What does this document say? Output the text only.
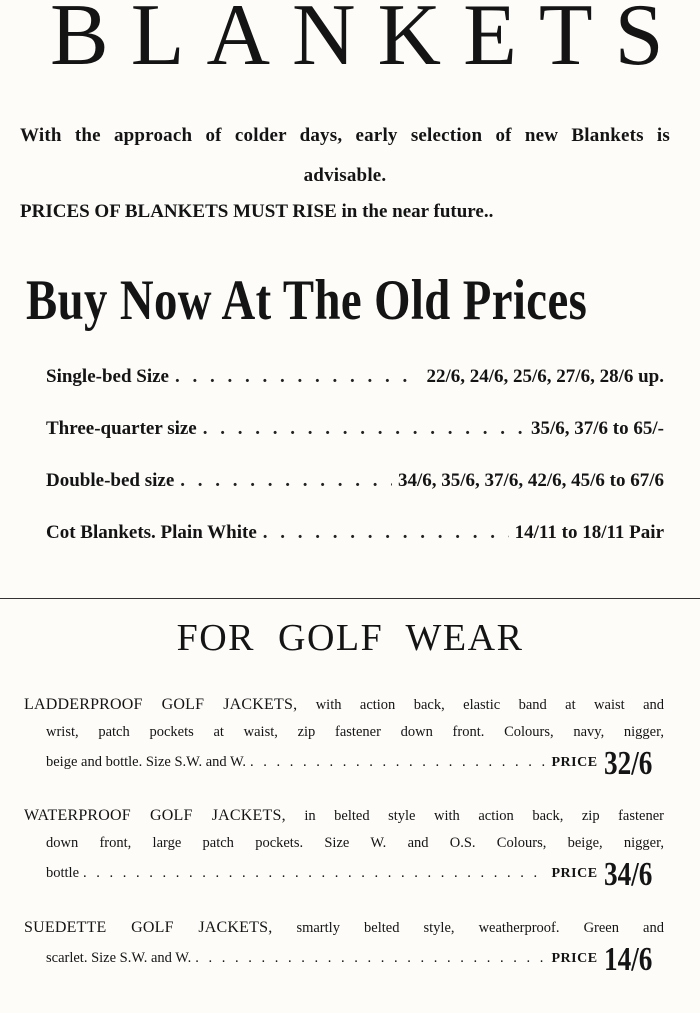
BLANKETS

With the approach of colder days, early selection of new Blankets is
advisable.

PRICES OF BLANKETS MUST RISE in the near future..

Buy Now At The Old Prices
Single-bed Size . . .	22/6, 24/6, 25/6, 27/6, 28/6 up.
Three-quarter size . . .	35/6, 37/6 to 65/-
Double-bed size . . .	34/6, 35/6, 37/6, 42/6, 45/6 to 67/6
Cot Blankets. Plain White . . .	14/11 to 18/11 Pair
FOR GOLF WEAR
LADDERPROOF GOLF JACKETS, with action back, elastic band at waist and
wrist, patch pockets at waist, zip fastener down front. Colours, navy, nigger,
beige and bottle. Size S.W. and W. . . .	PRICE 32/6
WATERPROOF GOLF JACKETS, in belted style with action back, zip fastener
down front, large patch pockets. Size W. and O.S. Colours, beige, nigger,
bottle . . .	PRICE 34/6
SUEDETTE GOLF JACKETS, smartly belted style, weatherproof. Green and
scarlet. Size S.W. and W. . . .	PRICE 14/6
